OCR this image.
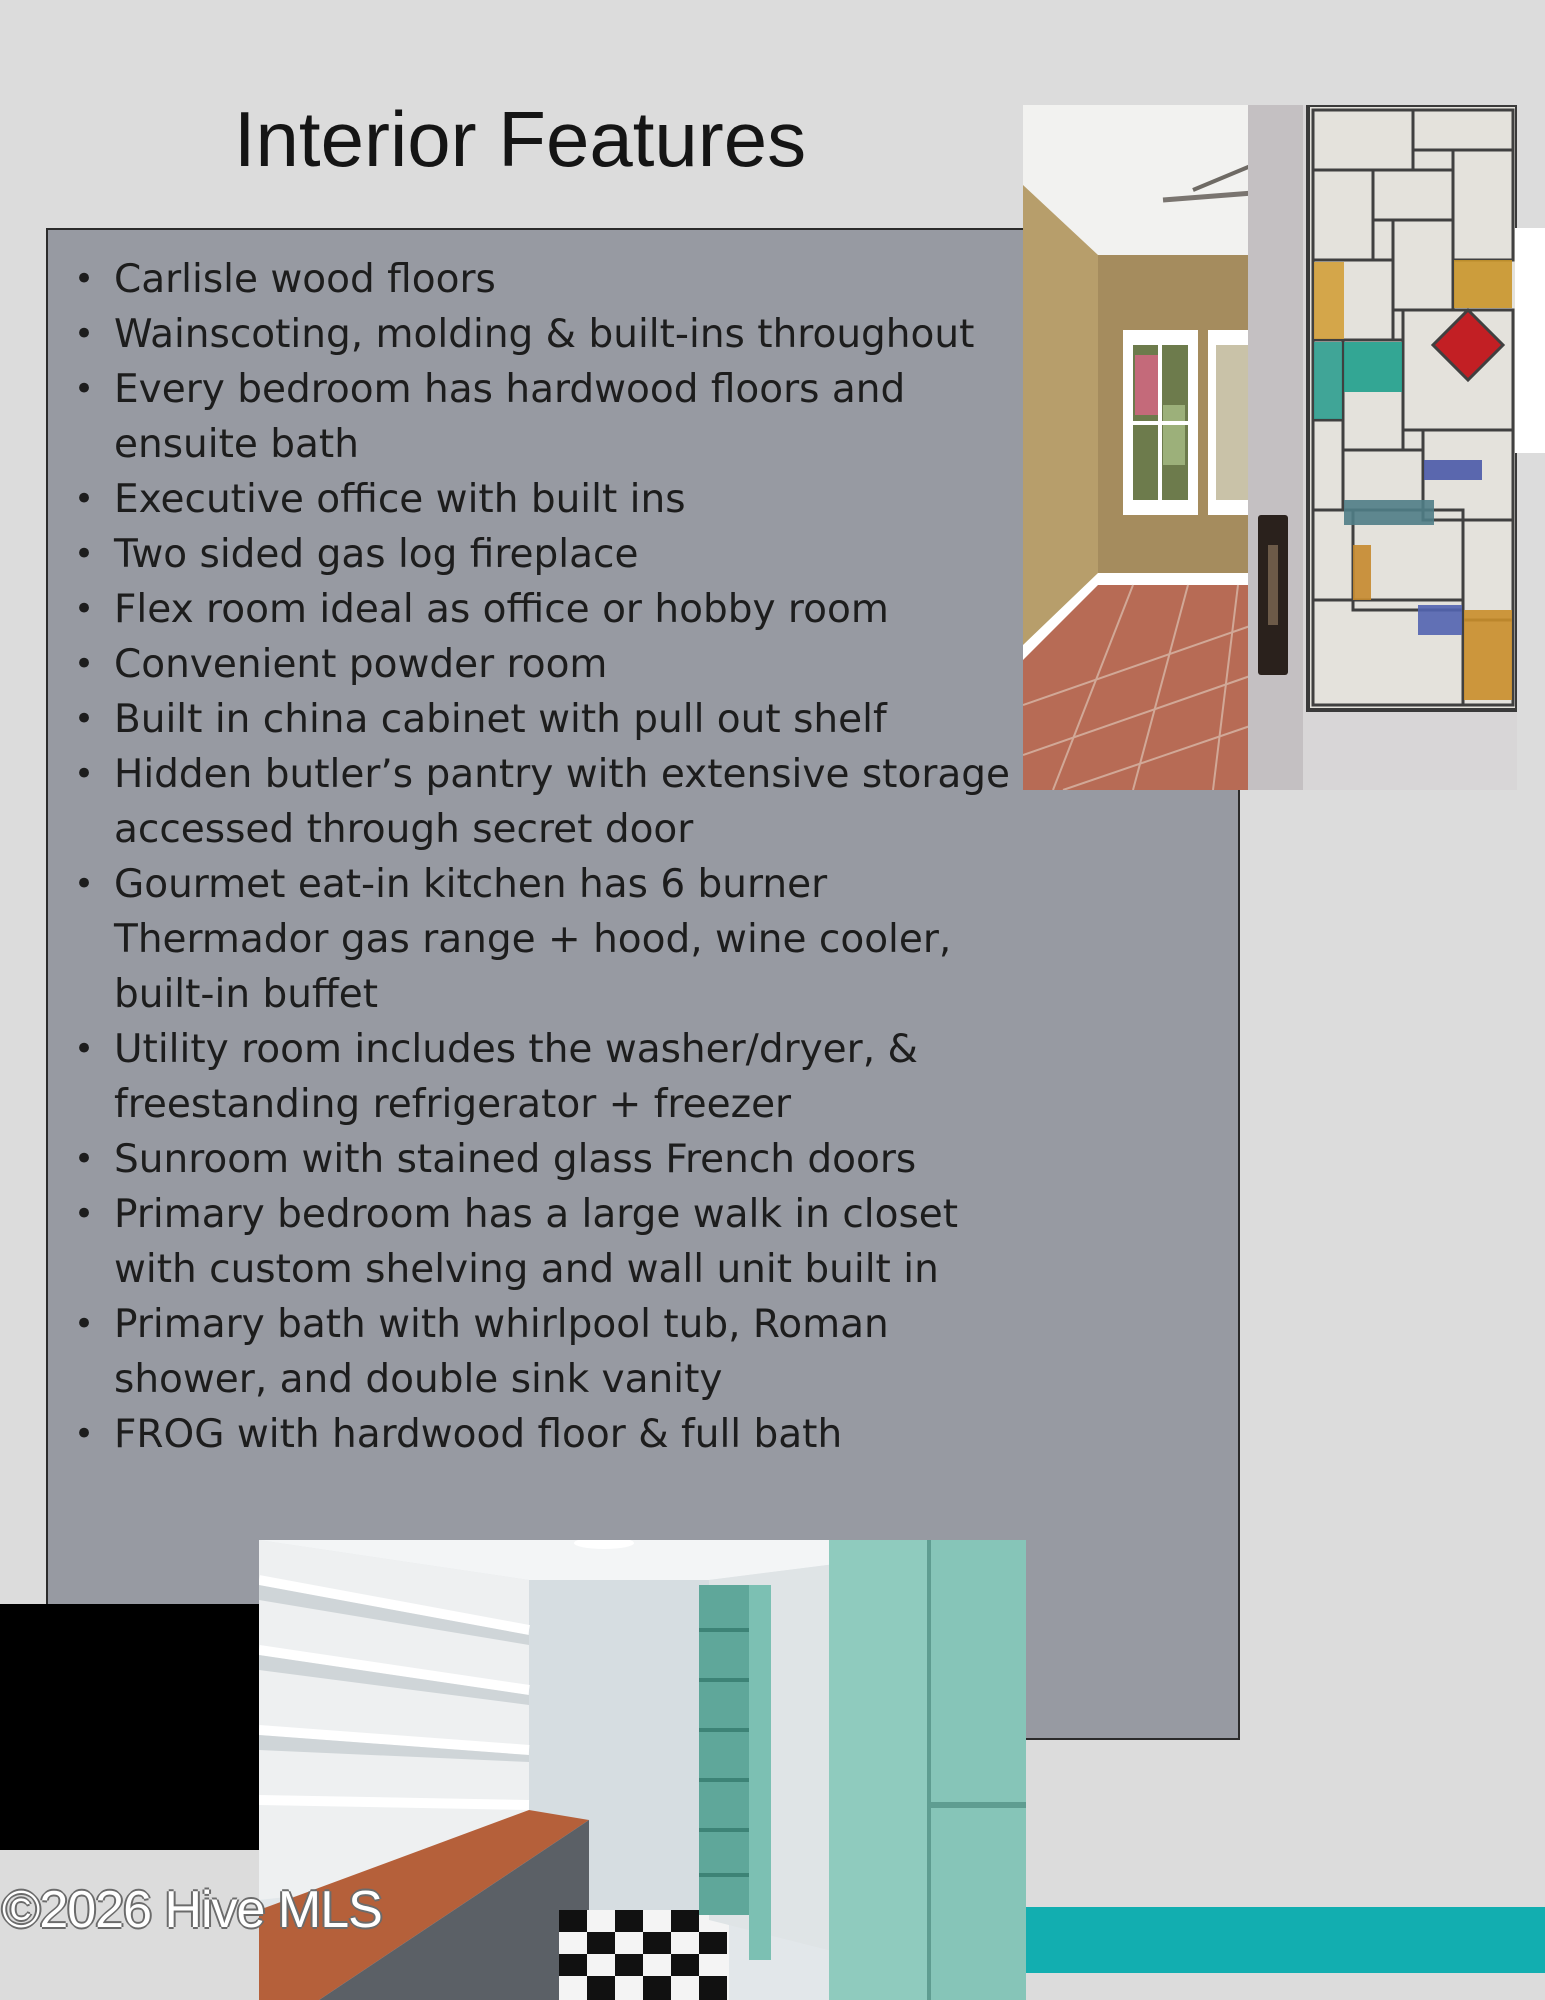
Interior Features
• Carlisle wood floors
• Wainscoting, molding & built-ins throughout
• Every bedroom has hardwood floors and ensuite bath
• Executive office with built ins
• Two sided gas log fireplace
• Flex room ideal as office or hobby room
• Convenient powder room
• Built in china cabinet with pull out shelf
• Hidden butler’s pantry with extensive storage accessed through secret door
• Gourmet eat-in kitchen has 6 burner Thermador gas range + hood, wine cooler, built-in buffet
• Utility room includes the washer/dryer, & freestanding refrigerator + freezer
• Sunroom with stained glass French doors
• Primary bedroom has a large walk in closet with custom shelving and wall unit built in
• Primary bath with whirlpool tub, Roman shower, and double sink vanity
• FROG with hardwood floor & full bath
©2026 Hive MLS
